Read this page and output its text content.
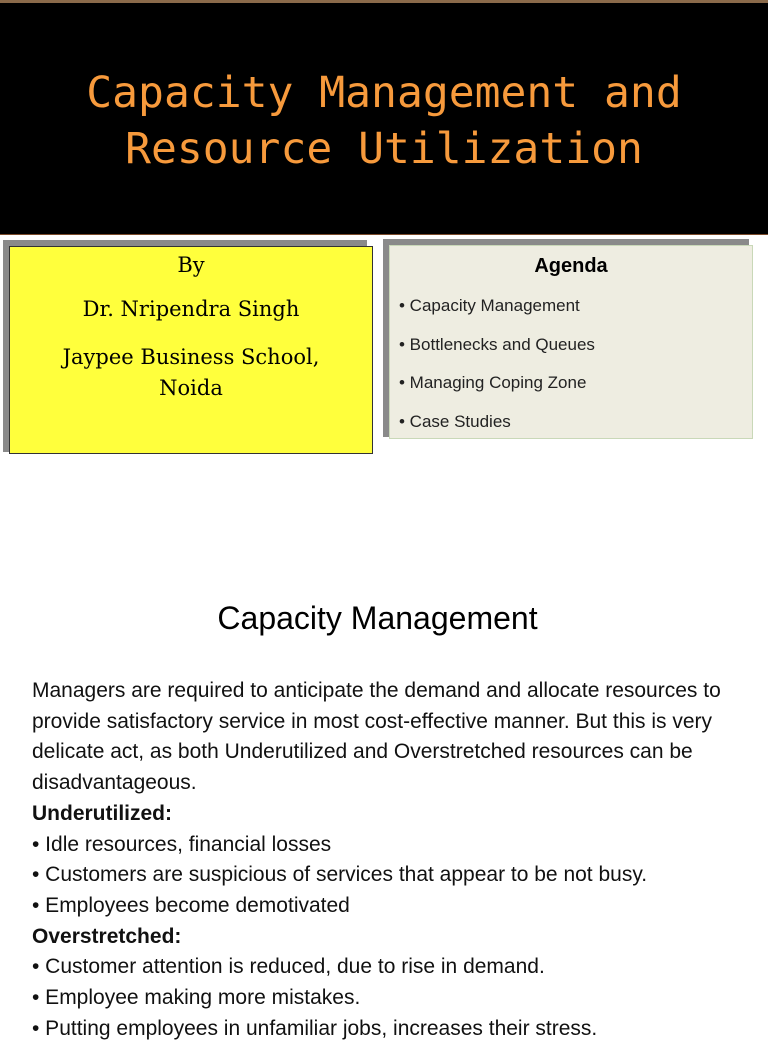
Capacity Management and
Resource Utilization
By
Dr. Nripendra Singh
Jaypee Business School,
Noida
Agenda
• Capacity Management
• Bottlenecks and Queues
• Managing Coping Zone
• Case Studies
Capacity Management

Managers are required to anticipate the demand and allocate resources to provide satisfactory service in most cost-effective manner. But this is very delicate act, as both Underutilized and Overstretched resources can be disadvantageous.

Underutilized:

• Idle resources, financial losses

• Customers are suspicious of services that appear to be not busy.

• Employees become demotivated

Overstretched:

• Customer attention is reduced, due to rise in demand.

• Employee making more mistakes.

• Putting employees in unfamiliar jobs, increases their stress.
